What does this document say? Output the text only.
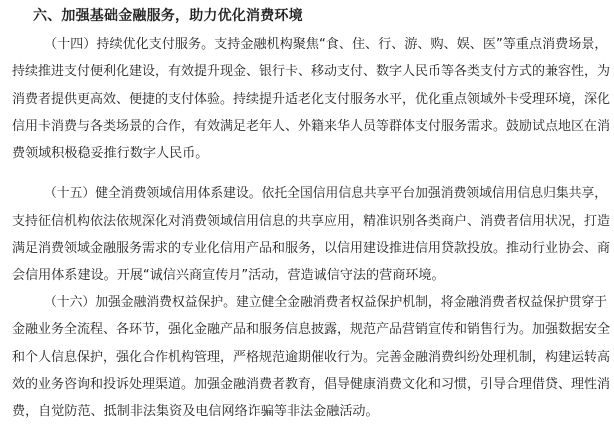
六、加强基础金融服务，助力优化消费环境
（十四）持续优化支付服务。支持金融机构聚焦“食、住、行、游、购、娱、医”等重点消费场景，
持续推进支付便利化建设，有效提升现金、银行卡、移动支付、数字人民币等各类支付方式的兼容性，为
消费者提供更高效、便捷的支付体验。持续提升适老化支付服务水平，优化重点领域外卡受理环境，深化
信用卡消费与各类场景的合作，有效满足老年人、外籍来华人员等群体支付服务需求。鼓励试点地区在消
费领域积极稳妥推行数字人民币。
（十五）健全消费领域信用体系建设。依托全国信用信息共享平台加强消费领域信用信息归集共享，
支持征信机构依法依规深化对消费领域信用信息的共享应用，精准识别各类商户、消费者信用状况，打造
满足消费领域金融服务需求的专业化信用产品和服务，以信用建设推进信用贷款投放。推动行业协会、商
会信用体系建设。开展“诚信兴商宣传月”活动，营造诚信守法的营商环境。
（十六）加强金融消费权益保护。建立健全金融消费者权益保护机制，将金融消费者权益保护贯穿于
金融业务全流程、各环节，强化金融产品和服务信息披露，规范产品营销宣传和销售行为。加强数据安全
和个人信息保护，强化合作机构管理，严格规范逾期催收行为。完善金融消费纠纷处理机制，构建运转高
效的业务咨询和投诉处理渠道。加强金融消费者教育，倡导健康消费文化和习惯，引导合理借贷、理性消
费，自觉防范、抵制非法集资及电信网络诈骗等非法金融活动。
